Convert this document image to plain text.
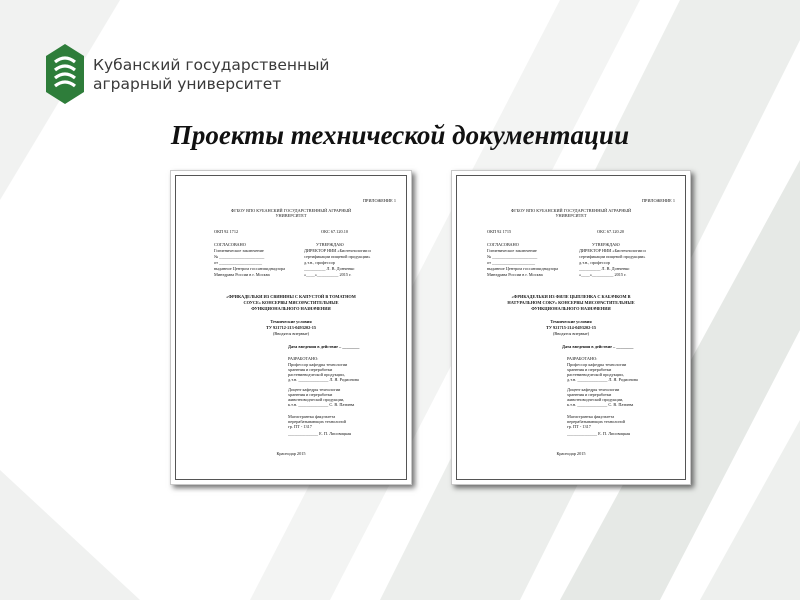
Кубанский государственный
аграрный университет
Проекты технической документации
ПРИЛОЖЕНИЕ 1
ФГБОУ ВПО КУБАНСКИЙ ГОСУДАРСТВЕННЫЙ АГРАРНЫЙ
УНИВЕРСИТЕТ
ОКП 92 1712	ОКС 67.120.10
СОГЛАСОВАНО
Гигиеническое заключение
№ _____________________
от ____________________
выданное Центром госсанэпиднадзора
Минздрава России в г. Москва
УТВЕРЖДАЮ
ДИРЕКТОР НИИ «Биотехнологии и
сертификации пищевой продукции»
д.т.н., профессор
__________ Л. В. Донченко
«____»__________ 2015 г.
«ФРИКАДЕЛЬКИ ИЗ СВИНИНЫ С КАПУСТОЙ В ТОМАТНОМ
СОУСЕ» КОНСЕРВЫ МЯСОРАСТИТЕЛЬНЫЕ
ФУНКЦИОНАЛЬНОГО НАЗНАЧЕНИЯ
Технические условия
ТУ 921712-213-0493202-15
(Вводятся впервые)
Дата введения в действие – ________
РАЗРАБОТАНО:
Профессор кафедры технологии
хранения и переработки
растениеводческой продукции,
д.т.н. ______________ Л. Я. Родионова
Доцент кафедры технологии
хранения и переработки
животноводческой продукции,
к.т.н. ______________ С. В. Патиева
Магистрантка факультета
перерабатывающих технологий
гр. ПТ - 1317
______________ Е. П. Лисовицкая
Краснодар 2015
ПРИЛОЖЕНИЕ 1
ФГБОУ ВПО КУБАНСКИЙ ГОСУДАРСТВЕННЫЙ АГРАРНЫЙ
УНИВЕРСИТЕТ
ОКП 92 1715	ОКС 67.120.20
СОГЛАСОВАНО
Гигиеническое заключение
№ _____________________
от ____________________
выданное Центром госсанэпиднадзора
Минздрава России в г. Москва
УТВЕРЖДАЮ
ДИРЕКТОР НИИ «Биотехнологии и
сертификации пищевой продукции»
д.т.н., профессор
__________ Л. В. Донченко
«____»__________ 2015 г.
«ФРИКАДЕЛЬКИ ИЗ ФИЛЕ ЦЫПЛЕНКА С КАБАЧКОМ В
НАТУРАЛЬНОМ СОКУ» КОНСЕРВЫ МЯСОРАСТИТЕЛЬНЫЕ
ФУНКЦИОНАЛЬНОГО НАЗНАЧЕНИЯ
Технические условия
ТУ 921715-214-0493202-15
(Вводятся впервые)
Дата введения в действие – ________
РАЗРАБОТАНО:
Профессор кафедры технологии
хранения и переработки
растениеводческой продукции,
д.т.н. ______________ Л. Я. Родионова
Доцент кафедры технологии
хранения и переработки
животноводческой продукции,
к.т.н. ______________ С. В. Патиева
Магистрантка факультета
перерабатывающих технологий
гр. ПТ - 1317
______________ Е. П. Лисовицкая
Краснодар 2015
